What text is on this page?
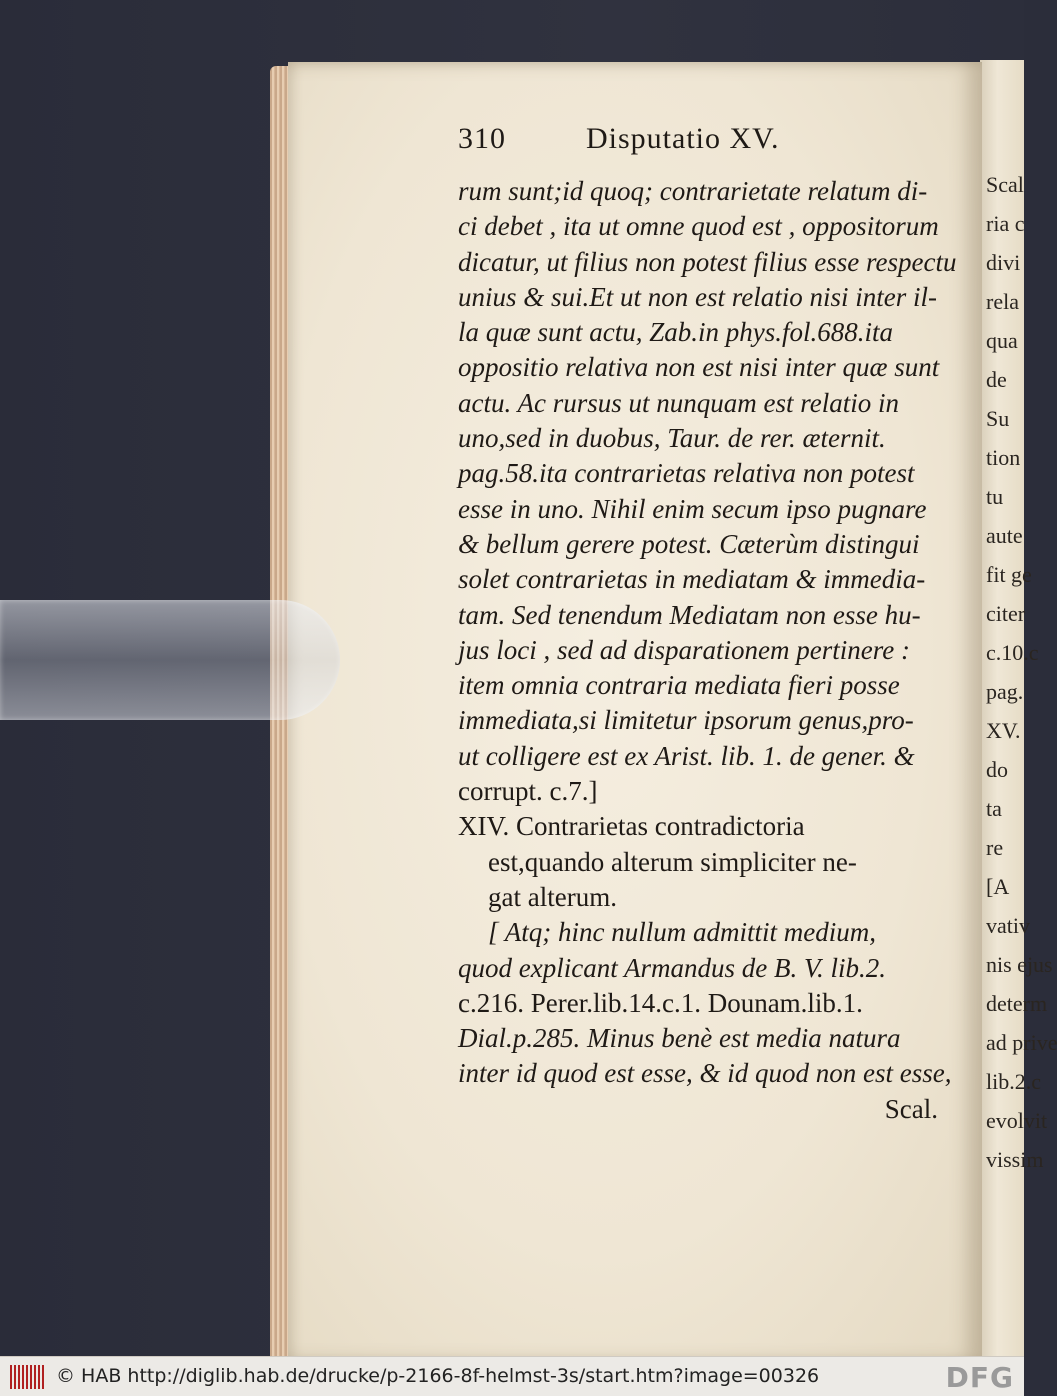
Scal
ria c
divi
rela
qua
de
Su
tion
tu
aute
fit ge
citer
c.10.c
pag.
XV.
do
ta
re
[A
vativ
nis ejus
determ
ad prive
lib.2.c
evolvit
vissim
310	Disputatio XV.
rum sunt;id quoq; contrarietate relatum di-
ci debet , ita ut omne quod est , oppositorum
dicatur, ut filius non potest filius esse respectu
unius & sui.Et ut non est relatio nisi inter il-
la quæ sunt actu, Zab.in phys.fol.688.ita
oppositio relativa non est nisi inter quæ sunt
actu. Ac rursus ut nunquam est relatio in
uno,sed in duobus, Taur. de rer. æternit.
pag.58.ita contrarietas relativa non potest
esse in uno. Nihil enim secum ipso pugnare
& bellum gerere potest. Cæterùm distingui
solet contrarietas in mediatam & immedia-
tam. Sed tenendum Mediatam non esse hu-
jus loci , sed ad disparationem pertinere :
item omnia contraria mediata fieri posse
immediata,si limitetur ipsorum genus,pro-
ut colligere est ex Arist. lib. 1. de gener. &
corrupt. c.7.]
XIV. Contrarietas contradictoria
est,quando alterum simpliciter ne-
gat alterum.
[ Atq; hinc nullum admittit medium,
quod explicant Armandus de B. V. lib.2.
c.216. Perer.lib.14.c.1. Dounam.lib.1.
Dial.p.285. Minus benè est media natura
inter id quod est esse, & id quod non est esse,
Scal.
© HAB http://diglib.hab.de/drucke/p-2166-8f-helmst-3s/start.htm?image=00326	DFG
